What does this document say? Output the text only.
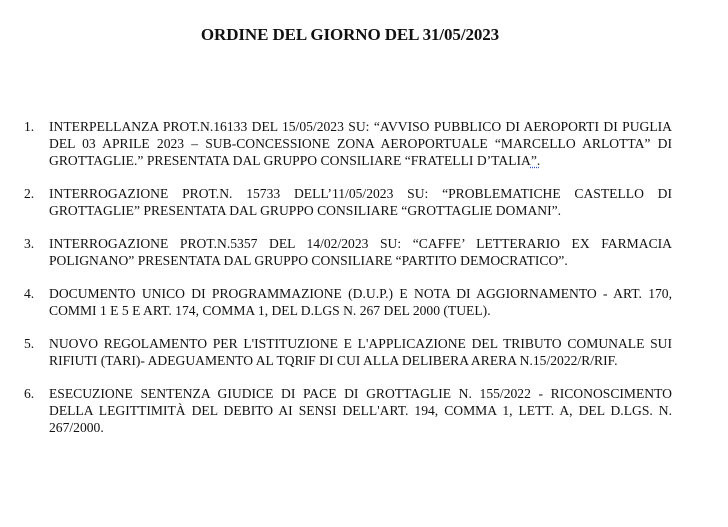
ORDINE DEL GIORNO DEL 31/05/2023
1.	INTERPELLANZA PROT.N.16133 DEL 15/05/2023 SU: “AVVISO PUBBLICO DI AEROPORTI DI PUGLIA DEL 03 APRILE 2023 – SUB-CONCESSIONE ZONA AEROPORTUALE “MARCELLO ARLOTTA” DI GROTTAGLIE.” PRESENTATA DAL GRUPPO CONSILIARE “FRATELLI D’TALIA”.
2.	INTERROGAZIONE PROT.N. 15733 DELL’11/05/2023 SU: “PROBLEMATICHE CASTELLO DI GROTTAGLIE” PRESENTATA DAL GRUPPO CONSILIARE “GROTTAGLIE DOMANI”.
3.	INTERROGAZIONE PROT.N.5357 DEL 14/02/2023 SU: “CAFFE’ LETTERARIO EX FARMACIA POLIGNANO” PRESENTATA DAL GRUPPO CONSILIARE “PARTITO DEMOCRATICO”.
4.	DOCUMENTO UNICO DI PROGRAMMAZIONE (D.U.P.) E NOTA DI AGGIORNAMENTO - ART. 170, COMMI 1 E 5 E ART. 174, COMMA 1, DEL D.LGS N. 267 DEL 2000 (TUEL).
5.	NUOVO REGOLAMENTO PER L'ISTITUZIONE E L'APPLICAZIONE DEL TRIBUTO COMUNALE SUI RIFIUTI (TARI)- ADEGUAMENTO AL TQRIF DI CUI ALLA DELIBERA ARERA N.15/2022/R/RIF.
6.	ESECUZIONE SENTENZA GIUDICE DI PACE DI GROTTAGLIE N. 155/2022 - RICONOSCIMENTO DELLA LEGITTIMITÀ DEL DEBITO AI SENSI DELL'ART. 194, COMMA 1, LETT. A, DEL D.LGS. N. 267/2000.
